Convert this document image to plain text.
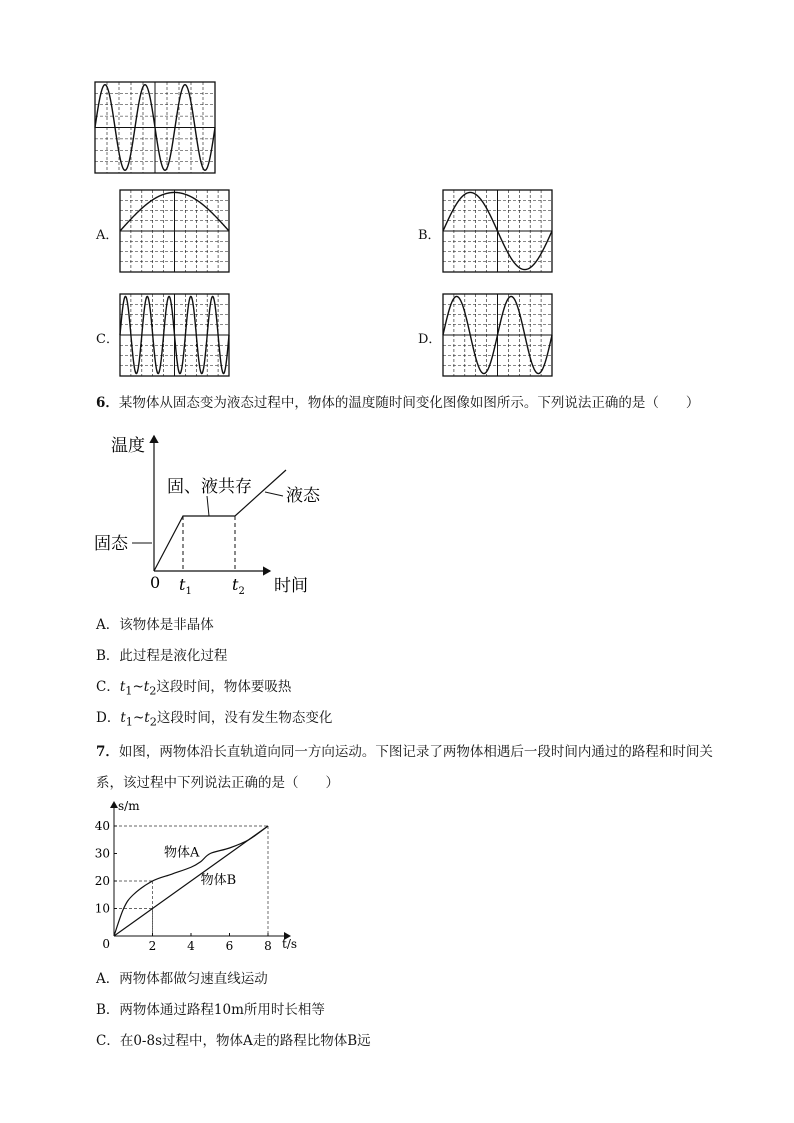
A．	B．
C．	D．
6．某物体从固态变为液态过程中，物体的温度随时间变化图像如图所示。下列说法正确的是（　　）
温度
时间
0 $t_1$	$t_2$
固态
固、液共存 液态
A．该物体是非晶体
B．此过程是液化过程
C．$t_1\sim t_2$这段时间，物体要吸热
D．$t_1\sim t_2$这段时间，没有发生物态变化
7．如图，两物体沿长直轨道向同一方向运动。下图记录了两物体相遇后一段时间内通过的路程和时间关
系，该过程中下列说法正确的是（　　）
2	4	6	8
10
20
30
40
0
s/m
t/s
物体A
物体B
A．两物体都做匀速直线运动
B．两物体通过路程10m所用时长相等
C．在0-8s过程中，物体A走的路程比物体B远
